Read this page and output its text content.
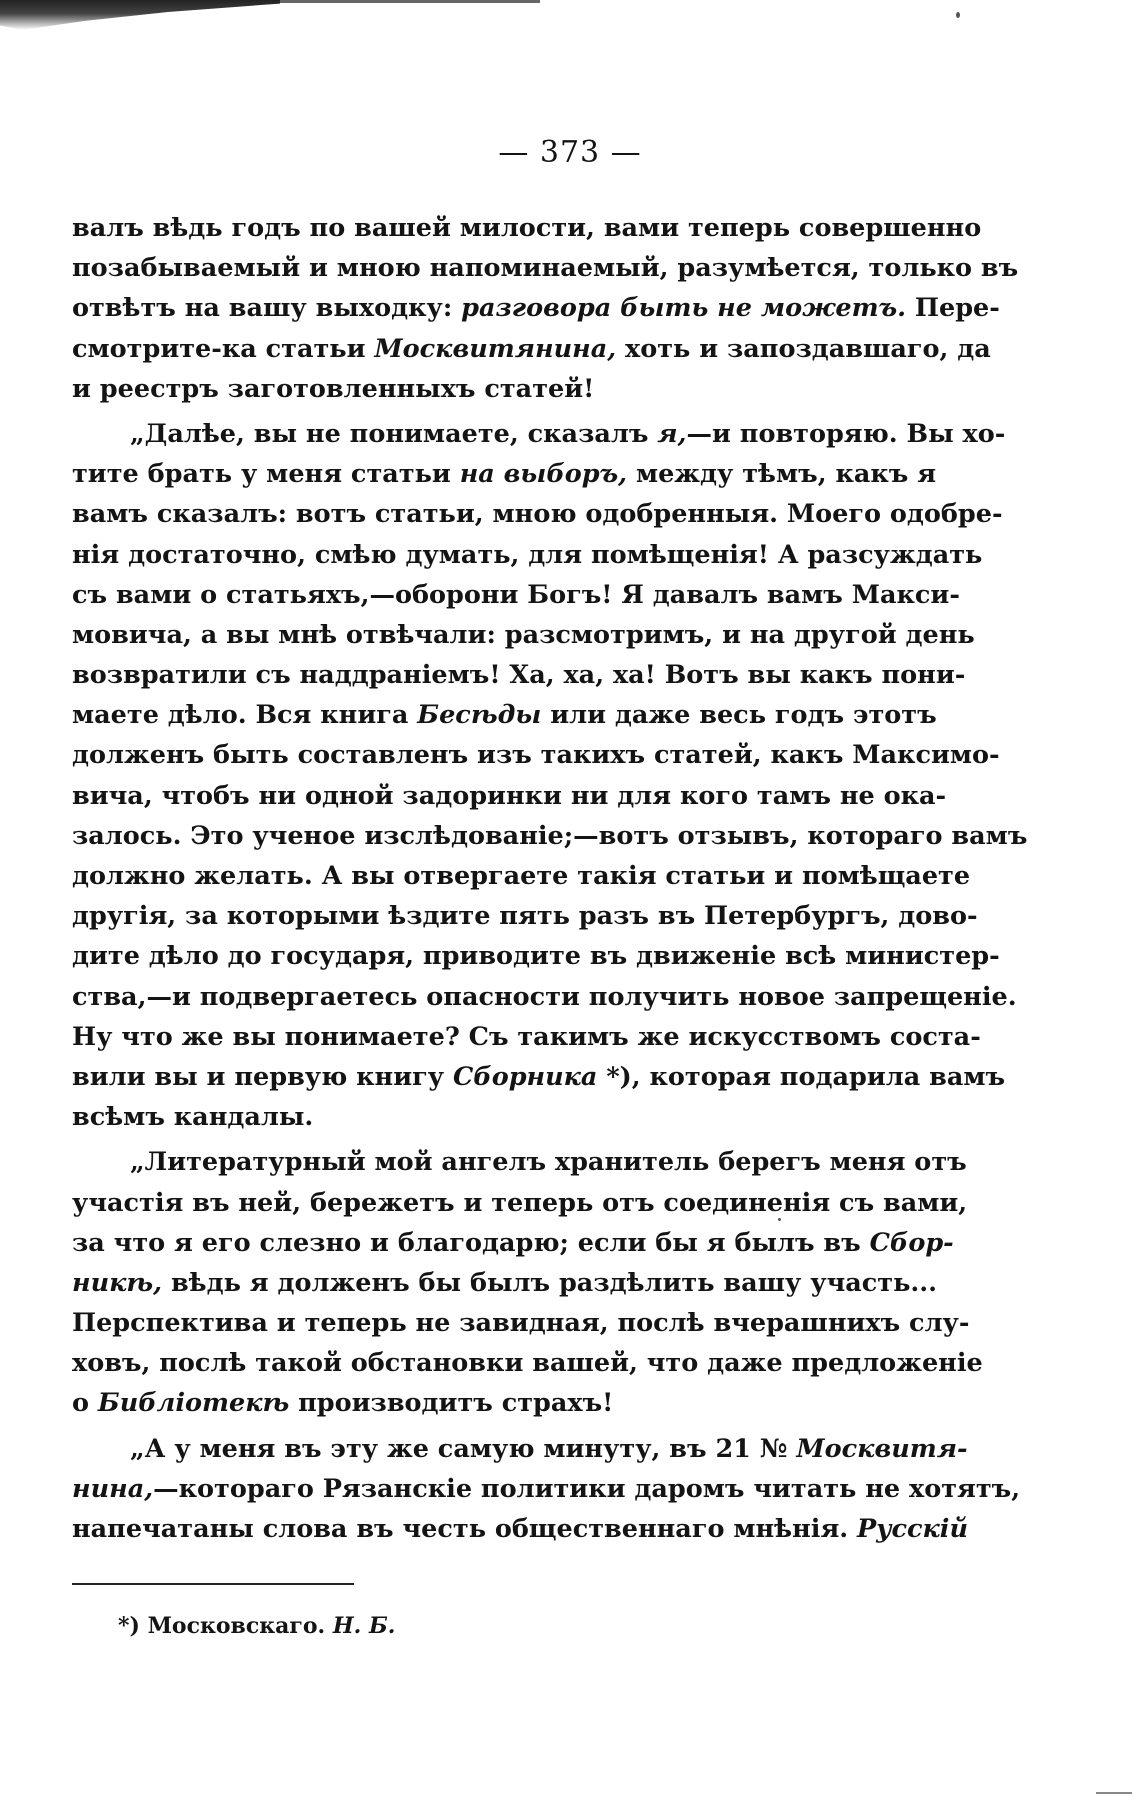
— 373 —
валъ вѣдь годъ по вашей милости, вами теперь совершенно
позабываемый и мною напоминаемый, разумѣется, только въ
отвѣтъ на вашу выходку: разговора быть не можетъ. Пере-
смотрите-ка статьи Москвитянина, хоть и запоздавшаго, да
и реестръ заготовленныхъ статей!
„Далѣе, вы не понимаете, сказалъ я,—и повторяю. Вы хо-
тите брать у меня статьи на выборъ, между тѣмъ, какъ я
вамъ сказалъ: вотъ статьи, мною одобренныя. Моего одобре-
нія достаточно, смѣю думать, для помѣщенія! А разсуждать
съ вами о статьяхъ,—оборони Богъ! Я давалъ вамъ Макси-
мовича, а вы мнѣ отвѣчали: разсмотримъ, и на другой день
возвратили съ наддраніемъ! Ха, ха, ха! Вотъ вы какъ пони-
маете дѣло. Вся книга Бесѣды или даже весь годъ этотъ
долженъ быть составленъ изъ такихъ статей, какъ Максимо-
вича, чтобъ ни одной задоринки ни для кого тамъ не ока-
залось. Это ученое изслѣдованіе;—вотъ отзывъ, котораго вамъ
должно желать. А вы отвергаете такія статьи и помѣщаете
другія, за которыми ѣздите пять разъ въ Петербургъ, дово-
дите дѣло до государя, приводите въ движеніе всѣ министер-
ства,—и подвергаетесь опасности получить новое запрещеніе.
Ну что же вы понимаете? Съ такимъ же искусствомъ соста-
вили вы и первую книгу Сборника *), которая подарила вамъ
всѣмъ кандалы.
„Литературный мой ангелъ хранитель берегъ меня отъ
участія въ ней, бережетъ и теперь отъ соединенія съ вами,
за что я его слезно и благодарю; если бы я былъ въ Сбор-
никѣ, вѣдь я долженъ бы былъ раздѣлить вашу участь...
Перспектива и теперь не завидная, послѣ вчерашнихъ слу-
ховъ, послѣ такой обстановки вашей, что даже предложеніе
о Библіотекѣ производитъ страхъ!
„А у меня въ эту же самую минуту, въ 21 № Москвитя-
нина,—котораго Рязанскіе политики даромъ читать не хотятъ,
напечатаны слова въ честь общественнаго мнѣнія. Русскій
*) Московскаго. Н. Б.
